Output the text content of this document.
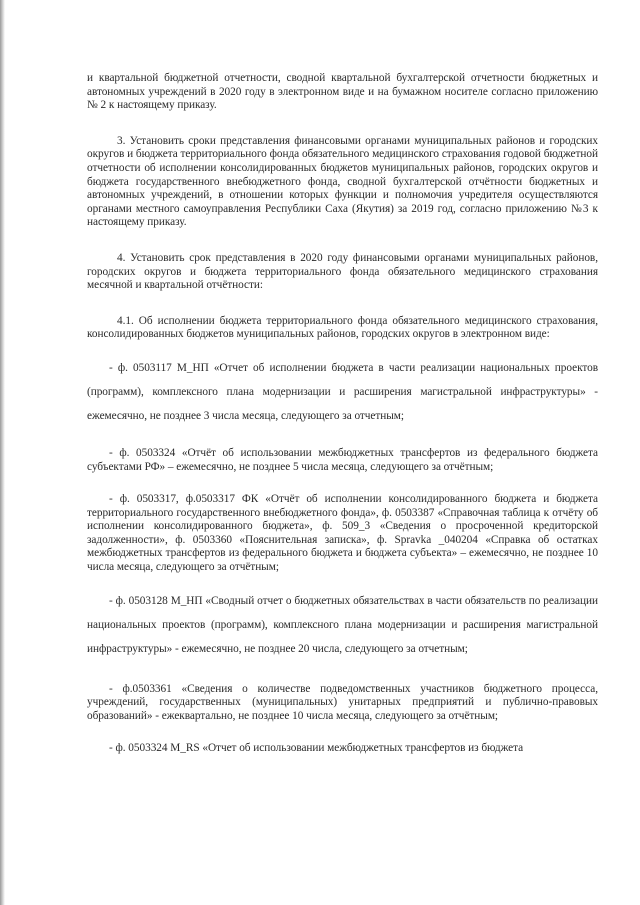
и квартальной бюджетной отчетности, сводной квартальной бухгалтерской отчетности бюджетных и автономных учреждений в 2020 году в электронном виде и на бумажном носителе согласно приложению № 2 к настоящему приказу.

3. Установить сроки представления финансовыми органами муниципальных районов и городских округов и бюджета территориального фонда обязательного медицинского страхования годовой бюджетной отчетности об исполнении консолидированных бюджетов муниципальных районов, городских округов и бюджета государственного внебюджетного фонда, сводной бухгалтерской отчётности бюджетных и автономных учреждений, в отношении которых функции и полномочия учредителя осуществляются органами местного самоуправления Республики Саха (Якутия) за 2019 год, согласно приложению №3 к настоящему приказу.

4. Установить срок представления в 2020 году финансовыми органами муниципальных районов, городских округов и бюджета территориального фонда обязательного медицинского страхования месячной и квартальной отчётности:

4.1. Об исполнении бюджета территориального фонда обязательного медицинского страхования, консолидированных бюджетов муниципальных районов, городских округов в электронном виде:

- ф. 0503117 М_НП «Отчет об исполнении бюджета в части реализации национальных проектов (программ), комплексного плана модернизации и расширения магистральной инфраструктуры» - ежемесячно, не позднее 3 числа месяца, следующего за отчетным;

- ф. 0503324 «Отчёт об использовании межбюджетных трансфертов из федерального бюджета субъектами РФ» – ежемесячно, не позднее 5 числа месяца, следующего за отчётным;

- ф. 0503317, ф.0503317 ФК «Отчёт об исполнении консолидированного бюджета и бюджета территориального государственного внебюджетного фонда», ф. 0503387 «Справочная таблица к отчёту об исполнении консолидированного бюджета», ф. 509_3 «Сведения о просроченной кредиторской задолженности», ф. 0503360 «Пояснительная записка», ф. Spravka _040204 «Справка об остатках межбюджетных трансфертов из федерального бюджета и бюджета субъекта» – ежемесячно, не позднее 10 числа месяца, следующего за отчётным;

- ф. 0503128 М_НП «Сводный отчет о бюджетных обязательствах в части обязательств по реализации национальных проектов (программ), комплексного плана модернизации и расширения магистральной инфраструктуры» - ежемесячно, не позднее 20 числа, следующего за отчетным;

- ф.0503361 «Сведения о количестве подведомственных участников бюджетного процесса, учреждений, государственных (муниципальных) унитарных предприятий и публично-правовых образований» - ежеквартально, не позднее 10 числа месяца, следующего за отчётным;

- ф. 0503324 М_RS «Отчет об использовании межбюджетных трансфертов из бюджета
